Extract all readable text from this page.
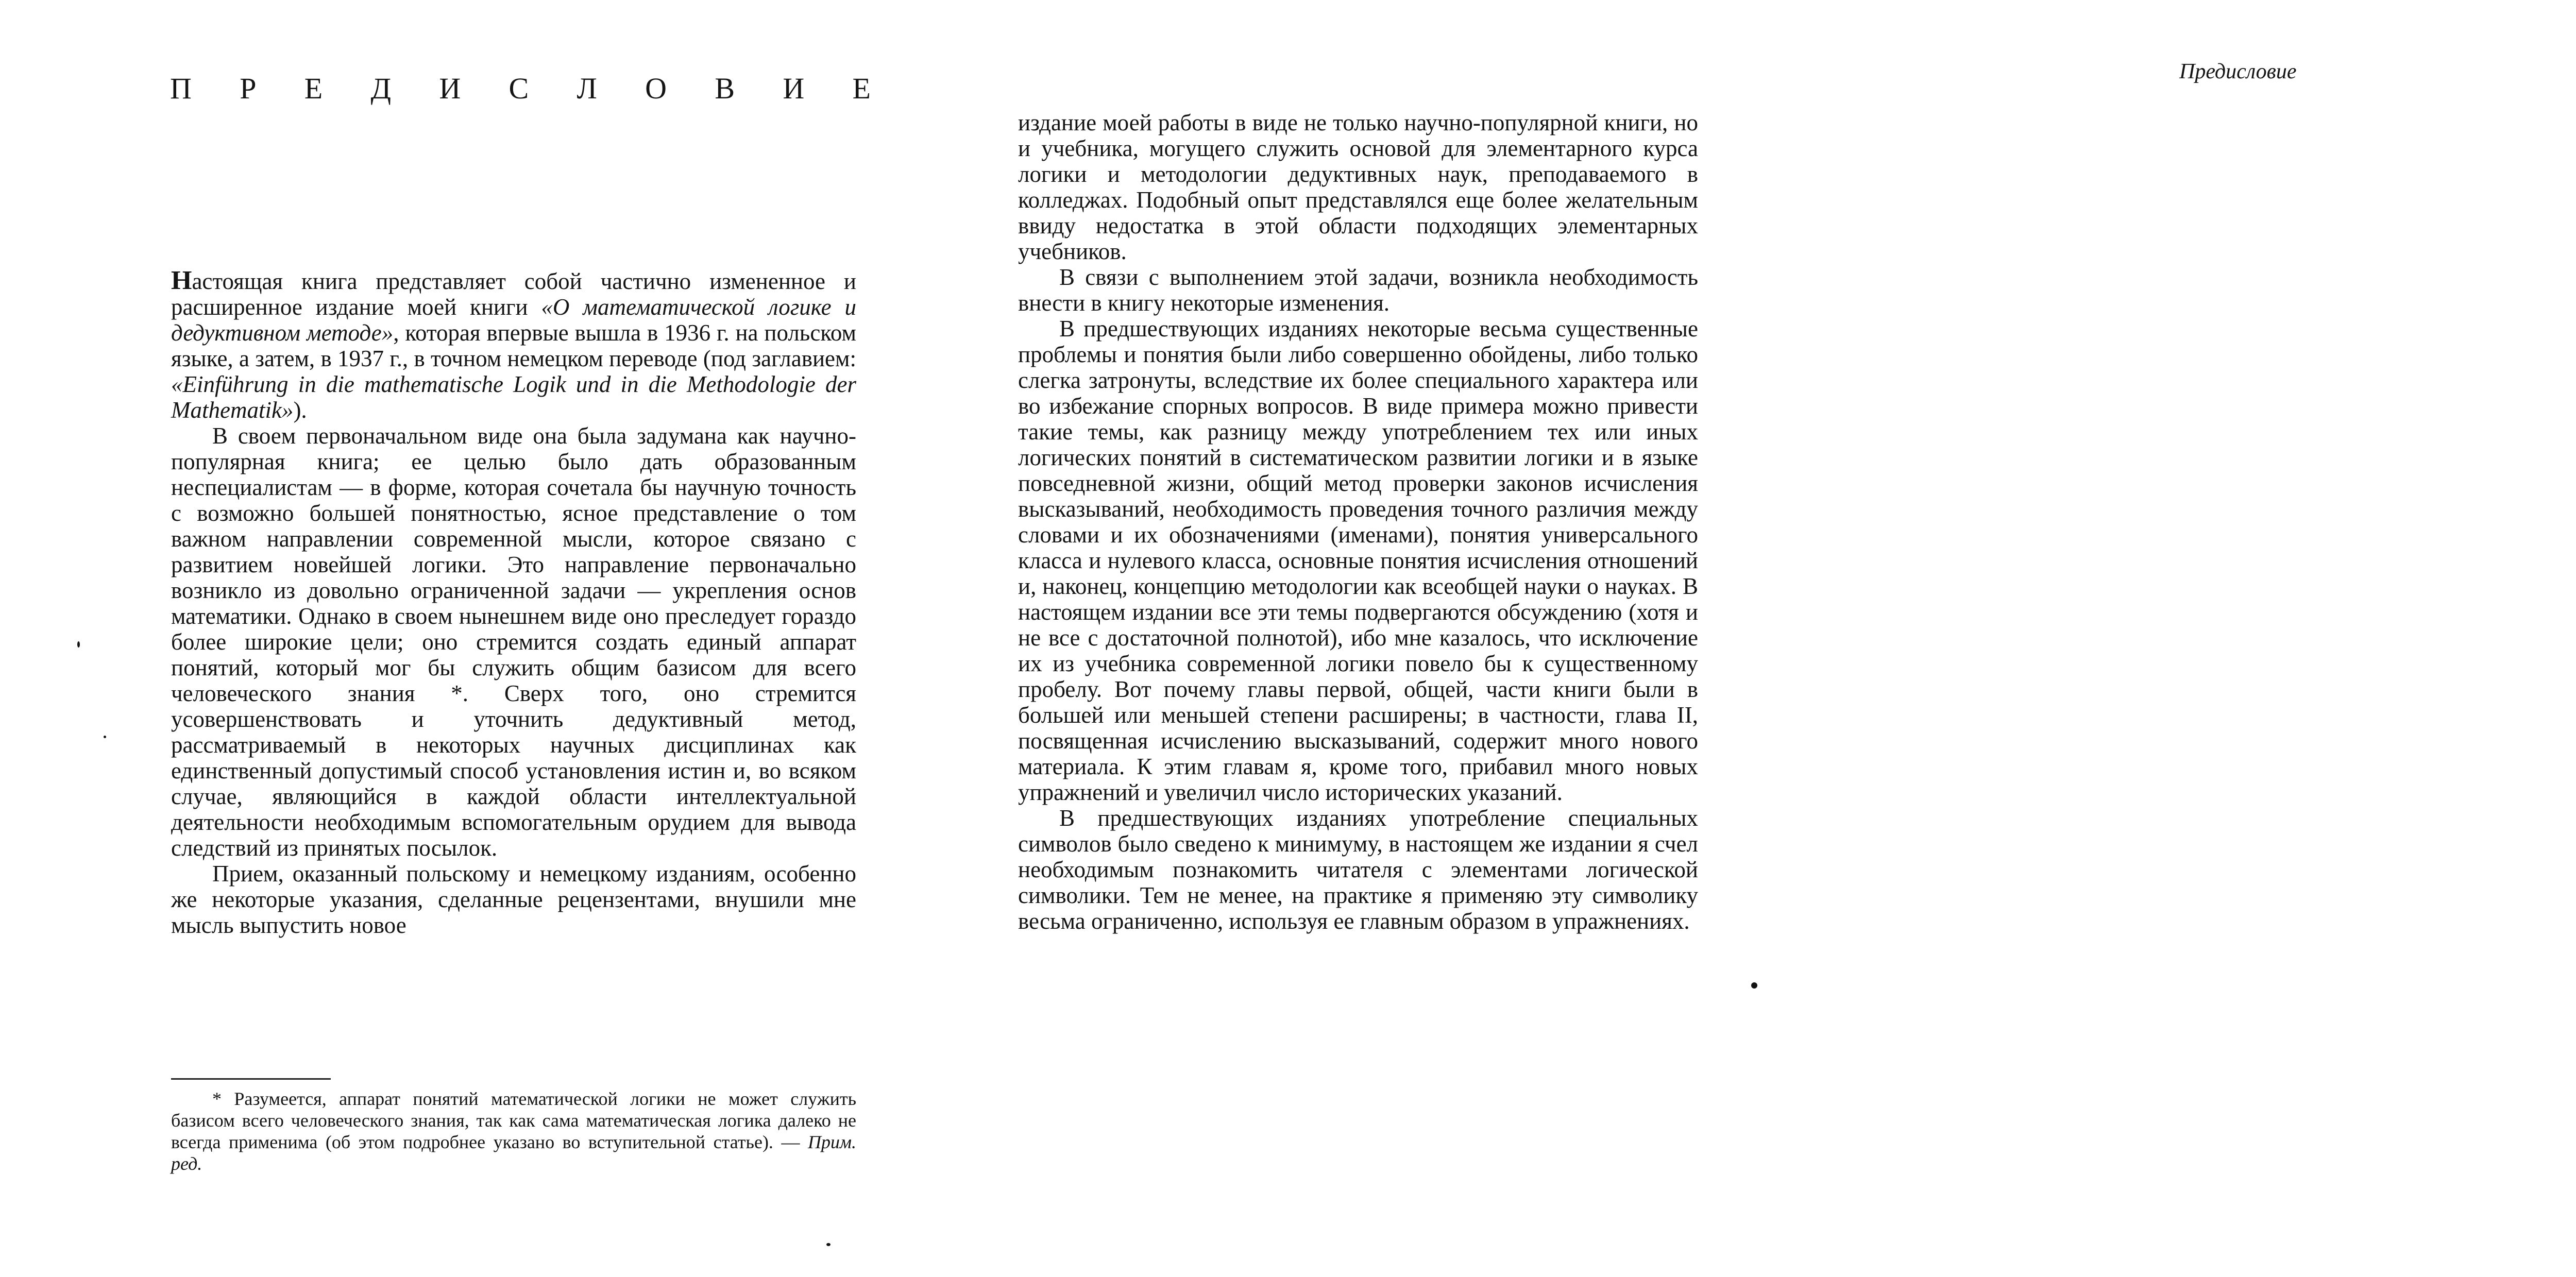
П Р Е Д И С Л О В И Е

Настоящая книга представляет собой частично измененное и расширенное издание моей книги «О математической логике и дедуктивном методе», которая впервые вышла в 1936 г. на польском языке, а затем, в 1937 г., в точном немецком переводе (под заглавием: «Einführung in die mathematische Logik und in die Methodologie der Mathematik»).

В своем первоначальном виде она была задумана как научно-популярная книга; ее целью было дать образованным неспециалистам — в форме, которая сочетала бы научную точность с возможно большей понятностью, ясное представление о том важном направлении современной мысли, которое связано с развитием новейшей логики. Это направление первоначально возникло из довольно ограниченной задачи — укрепления основ математики. Однако в своем нынешнем виде оно преследует гораздо более широкие цели; оно стремится создать единый аппарат понятий, который мог бы служить общим базисом для всего человеческого знания *. Сверх того, оно стремится усовершенствовать и уточнить дедуктивный метод, рассматриваемый в некоторых научных дисциплинах как единственный допустимый способ установления истин и, во всяком случае, являющийся в каждой области интеллектуальной деятельности необходимым вспомогательным орудием для вывода следствий из принятых посылок.

Прием, оказанный польскому и немецкому изданиям, особенно же некоторые указания, сделанные рецензентами, внушили мне мысль выпустить новое

* Разумеется, аппарат понятий математической логики не может служить базисом всего человеческого знания, так как сама математическая логика далеко не всегда применима (об этом подробнее указано во вступительной статье). — Прим. ред.

Предисловие

издание моей работы в виде не только научно-популярной книги, но и учебника, могущего служить основой для элементарного курса логики и методологии дедуктивных наук, преподаваемого в колледжах. Подобный опыт представлялся еще более желательным ввиду недостатка в этой области подходящих элементарных учебников.

В связи с выполнением этой задачи, возникла необходимость внести в книгу некоторые изменения.

В предшествующих изданиях некоторые весьма существенные проблемы и понятия были либо совершенно обойдены, либо только слегка затронуты, вследствие их более специального характера или во избежание спорных вопросов. В виде примера можно привести такие темы, как разницу между употреблением тех или иных логических понятий в систематическом развитии логики и в языке повседневной жизни, общий метод проверки законов исчисления высказываний, необходимость проведения точного различия между словами и их обозначениями (именами), понятия универсального класса и нулевого класса, основные понятия исчисления отношений и, наконец, концепцию методологии как всеобщей науки о науках. В настоящем издании все эти темы подвергаются обсуждению (хотя и не все с достаточной полнотой), ибо мне казалось, что исключение их из учебника современной логики повело бы к существенному пробелу. Вот почему главы первой, общей, части книги были в большей или меньшей степени расширены; в частности, глава II, посвященная исчислению высказываний, содержит много нового материала. К этим главам я, кроме того, прибавил много новых упражнений и увеличил число исторических указаний.

В предшествующих изданиях употребление специальных символов было сведено к минимуму, в настоящем же издании я счел необходимым познакомить читателя с элементами логической символики. Тем не менее, на практике я применяю эту символику весьма ограниченно, используя ее главным образом в упражнениях.
